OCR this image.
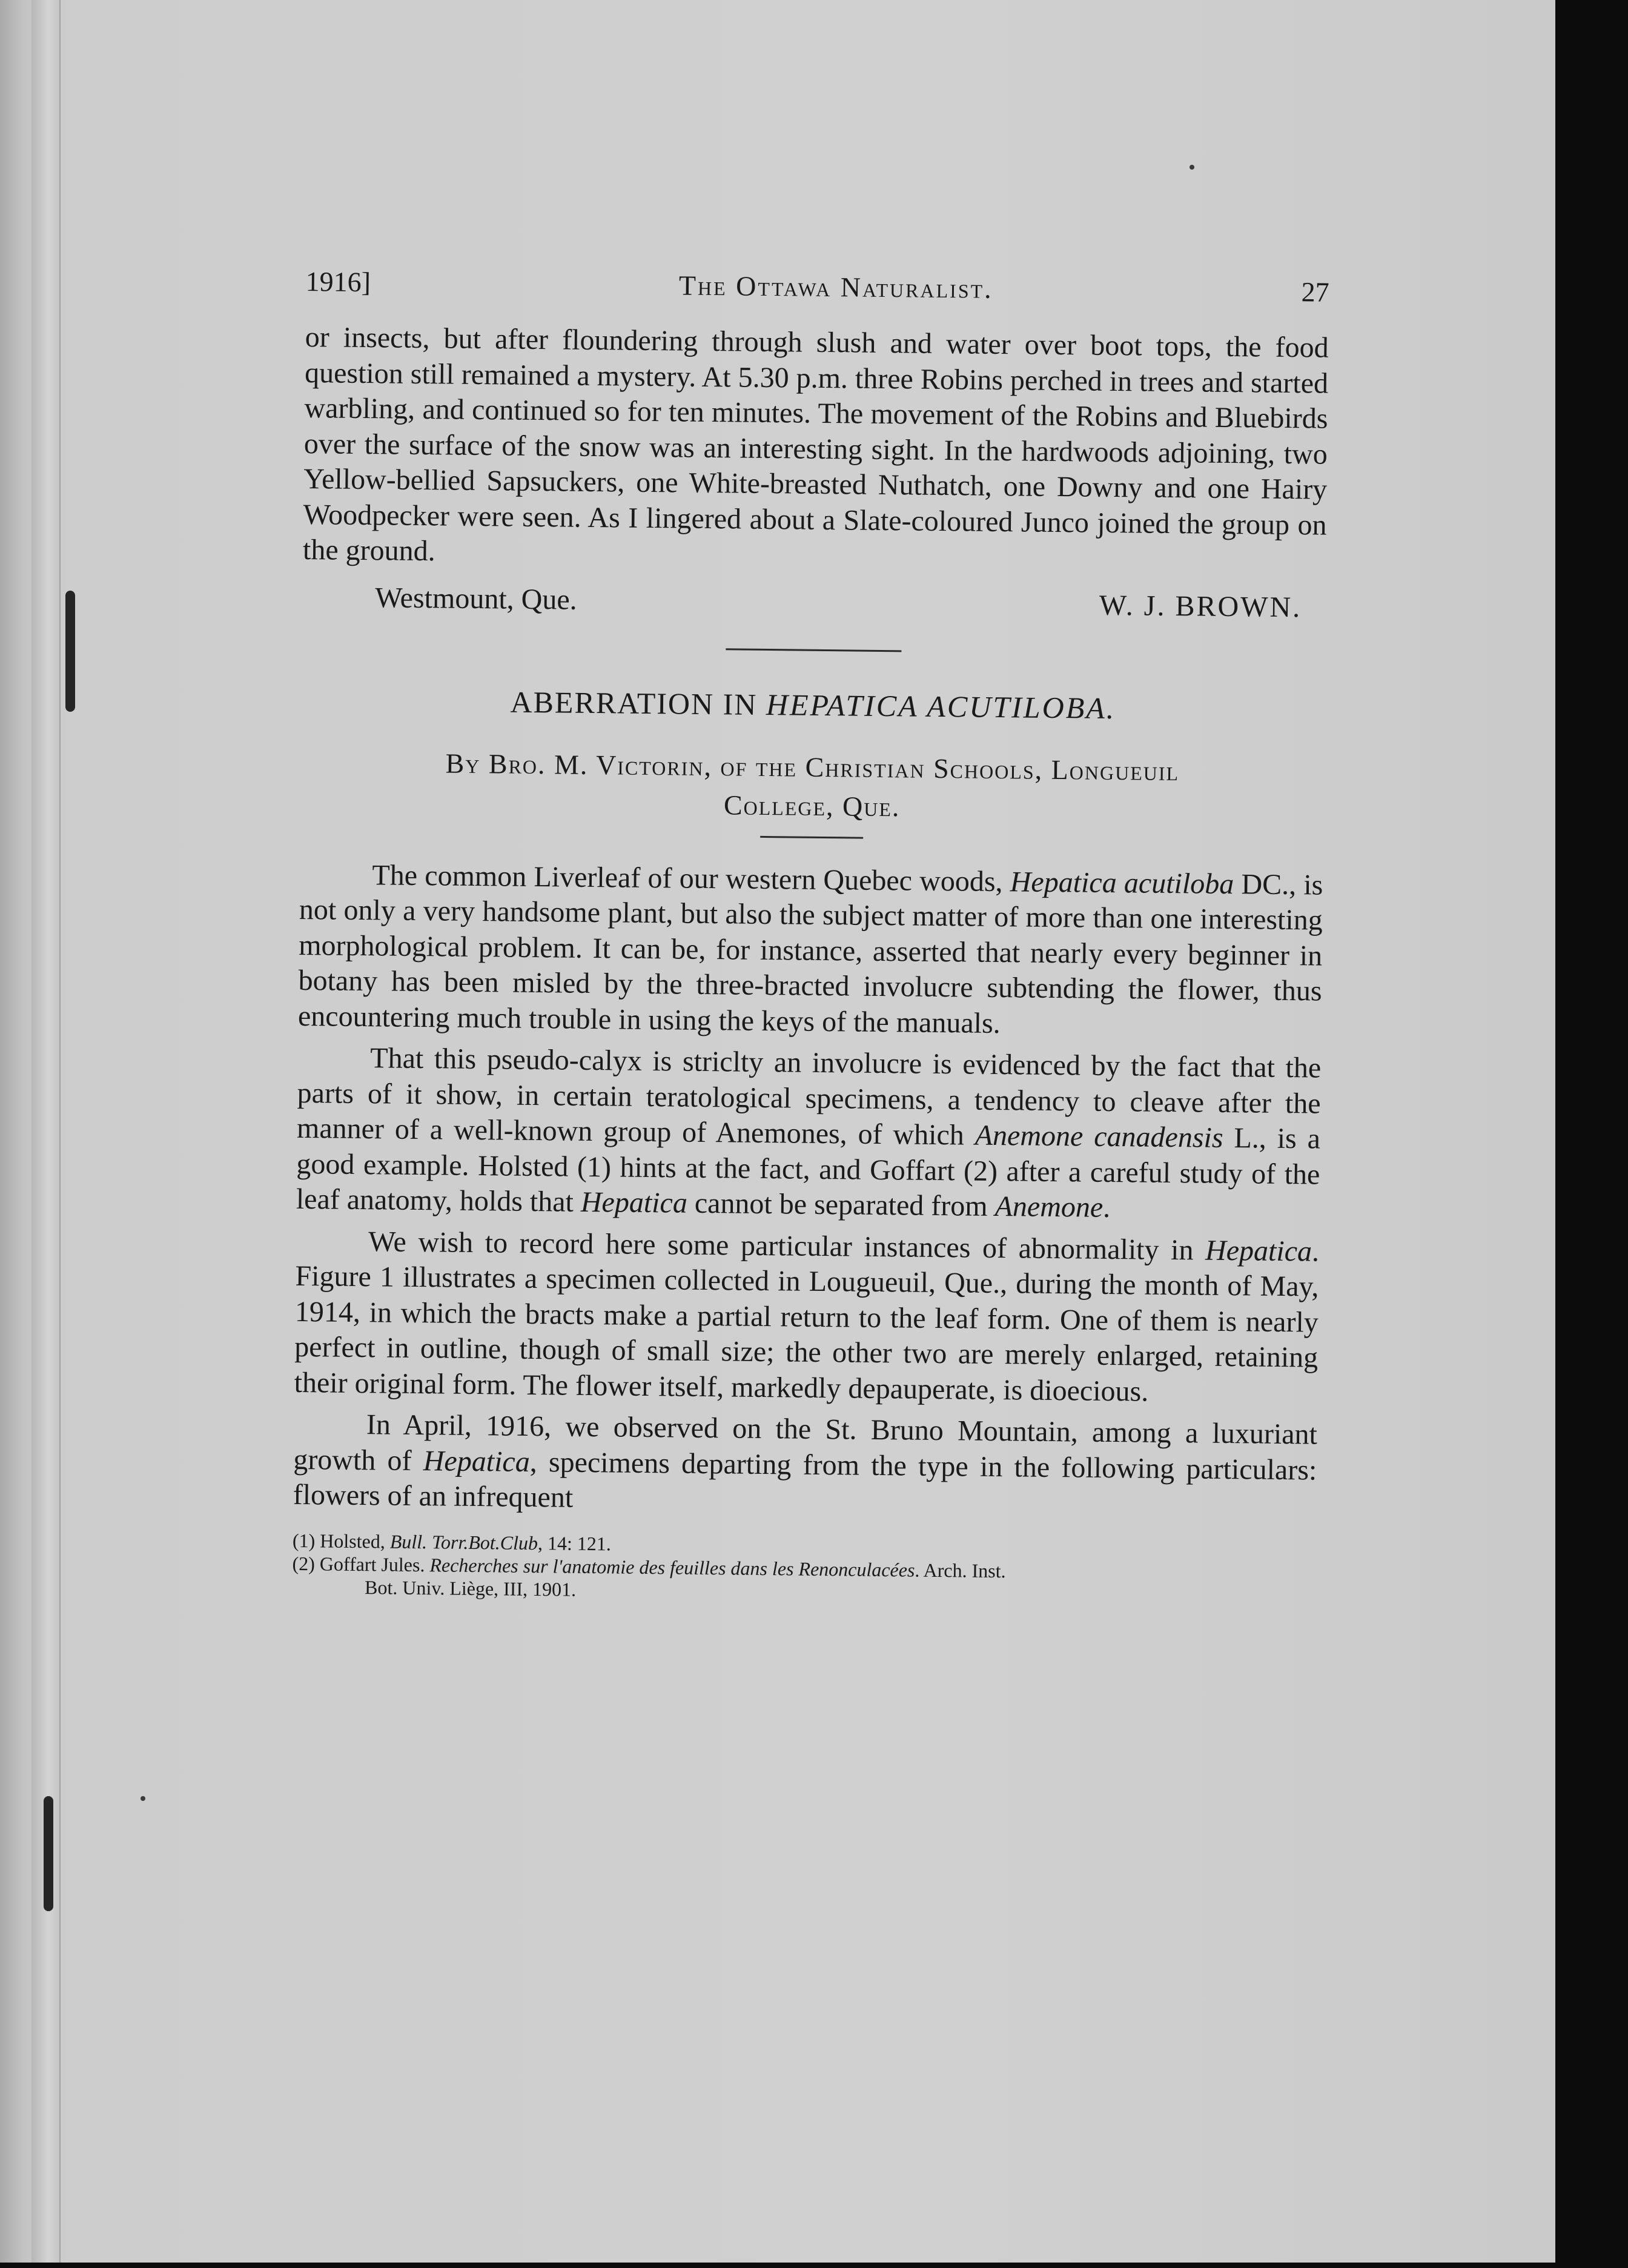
1916]	The Ottawa Naturalist.	27

or insects, but after floundering through slush and water over boot tops, the food question still remained a mystery. At 5.30 p.m. three Robins perched in trees and started warbling, and continued so for ten minutes. The movement of the Robins and Bluebirds over the surface of the snow was an interesting sight. In the hardwoods adjoining, two Yellow-bellied Sapsuckers, one White-breasted Nuthatch, one Downy and one Hairy Woodpecker were seen. As I lingered about a Slate-coloured Junco joined the group on the ground.

Westmount, Que.	W. J. BROWN.
ABERRATION IN HEPATICA ACUTILOBA.
By Bro. M. Victorin, of the Christian Schools, Longueuil
College, Que.

The common Liverleaf of our western Quebec woods, Hepatica acutiloba DC., is not only a very handsome plant, but also the subject matter of more than one interesting morphological problem. It can be, for instance, asserted that nearly every beginner in botany has been misled by the three-bracted involucre subtending the flower, thus encountering much trouble in using the keys of the manuals.

That this pseudo-calyx is striclty an involucre is evidenced by the fact that the parts of it show, in certain teratological specimens, a tendency to cleave after the manner of a well-known group of Anemones, of which Anemone canadensis L., is a good example. Holsted (1) hints at the fact, and Goffart (2) after a careful study of the leaf anatomy, holds that Hepatica cannot be separated from Anemone.

We wish to record here some particular instances of abnormality in Hepatica. Figure 1 illustrates a specimen collected in Lougueuil, Que., during the month of May, 1914, in which the bracts make a partial return to the leaf form. One of them is nearly perfect in outline, though of small size; the other two are merely enlarged, retaining their original form. The flower itself, markedly depauperate, is dioecious.

In April, 1916, we observed on the St. Bruno Mountain, among a luxuriant growth of Hepatica, specimens departing from the type in the following particulars: flowers of an infrequent

(1) Holsted, Bull. Torr.Bot.Club, 14: 121.
(2) Goffart Jules. Recherches sur l'anatomie des feuilles dans les Renonculacées. Arch. Inst.
Bot. Univ. Liège, III, 1901.
